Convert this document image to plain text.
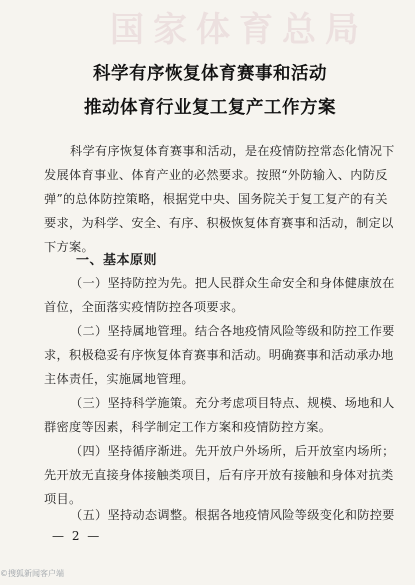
国家体育总局
科学有序恢复体育赛事和活动
推动体育行业复工复产工作方案
科学有序恢复体育赛事和活动，是在疫情防控常态化情况下
发展体育事业、体育产业的必然要求。按照“外防输入、内防反
弹”的总体防控策略，根据党中央、国务院关于复工复产的有关
要求，为科学、安全、有序、积极恢复体育赛事和活动，制定以
下方案。
一、基本原则
（一）坚持防控为先。把人民群众生命安全和身体健康放在
首位，全面落实疫情防控各项要求。
（二）坚持属地管理。结合各地疫情风险等级和防控工作要
求，积极稳妥有序恢复体育赛事和活动。明确赛事和活动承办地
主体责任，实施属地管理。
（三）坚持科学施策。充分考虑项目特点、规模、场地和人
群密度等因素，科学制定工作方案和疫情防控方案。
（四）坚持循序渐进。先开放户外场所，后开放室内场所；
先开放无直接身体接触类项目，后有序开放有接触和身体对抗类
项目。
（五）坚持动态调整。根据各地疫情风险等级变化和防控要
— 2 —
©搜狐新闻客户端
